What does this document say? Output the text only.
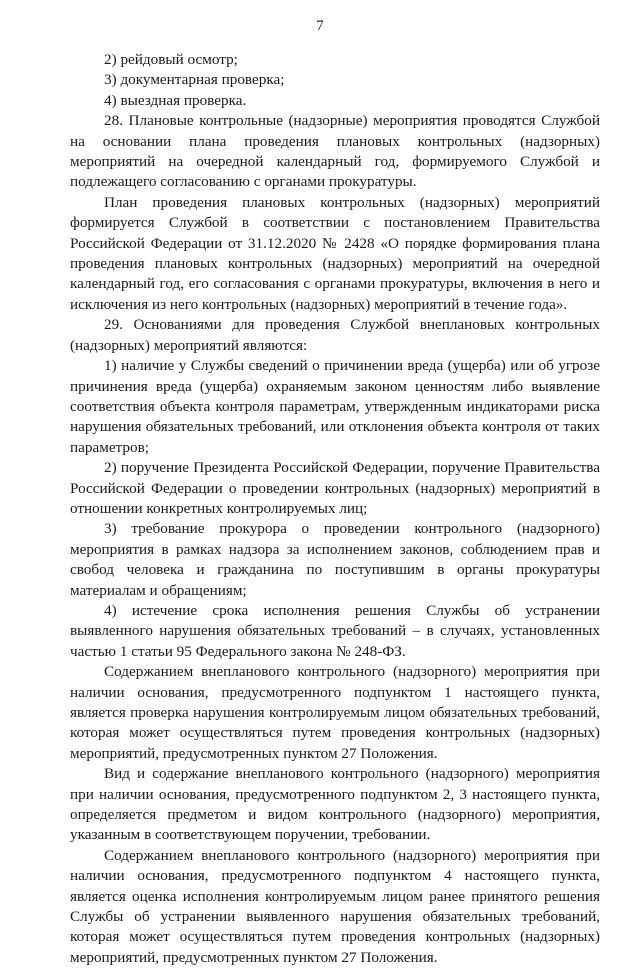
7

2) рейдовый осмотр;

3) документарная проверка;

4) выездная проверка.

28. Плановые контрольные (надзорные) мероприятия проводятся Службой на основании плана проведения плановых контрольных (надзорных) мероприятий на очередной календарный год, формируемого Службой и подлежащего согласованию с органами прокуратуры.

План проведения плановых контрольных (надзорных) мероприятий формируется Службой в соответствии с постановлением Правительства Российской Федерации от 31.12.2020 № 2428 «О порядке формирования плана проведения плановых контрольных (надзорных) мероприятий на очередной календарный год, его согласования с органами прокуратуры, включения в него и исключения из него контрольных (надзорных) мероприятий в течение года».

29. Основаниями для проведения Службой внеплановых контрольных (надзорных) мероприятий являются:

1) наличие у Службы сведений о причинении вреда (ущерба) или об угрозе причинения вреда (ущерба) охраняемым законом ценностям либо выявление соответствия объекта контроля параметрам, утвержденным индикаторами риска нарушения обязательных требований, или отклонения объекта контроля от таких параметров;

2) поручение Президента Российской Федерации, поручение Правительства Российской Федерации о проведении контрольных (надзорных) мероприятий в отношении конкретных контролируемых лиц;

3) требование прокурора о проведении контрольного (надзорного) мероприятия в рамках надзора за исполнением законов, соблюдением прав и свобод человека и гражданина по поступившим в органы прокуратуры материалам и обращениям;

4) истечение срока исполнения решения Службы об устранении выявленного нарушения обязательных требований – в случаях, установленных частью 1 статьи 95 Федерального закона № 248-ФЗ.

Содержанием внепланового контрольного (надзорного) мероприятия при наличии основания, предусмотренного подпунктом 1 настоящего пункта, является проверка нарушения контролируемым лицом обязательных требований, которая может осуществляться путем проведения контрольных (надзорных) мероприятий, предусмотренных пунктом 27 Положения.

Вид и содержание внепланового контрольного (надзорного) мероприятия при наличии основания, предусмотренного подпунктом 2, 3 настоящего пункта, определяется предметом и видом контрольного (надзорного) мероприятия, указанным в соответствующем поручении, требовании.

Содержанием внепланового контрольного (надзорного) мероприятия при наличии основания, предусмотренного подпунктом 4 настоящего пункта, является оценка исполнения контролируемым лицом ранее принятого решения Службы об устранении выявленного нарушения обязательных требований, которая может осуществляться путем проведения контрольных (надзорных) мероприятий, предусмотренных пунктом 27 Положения.
